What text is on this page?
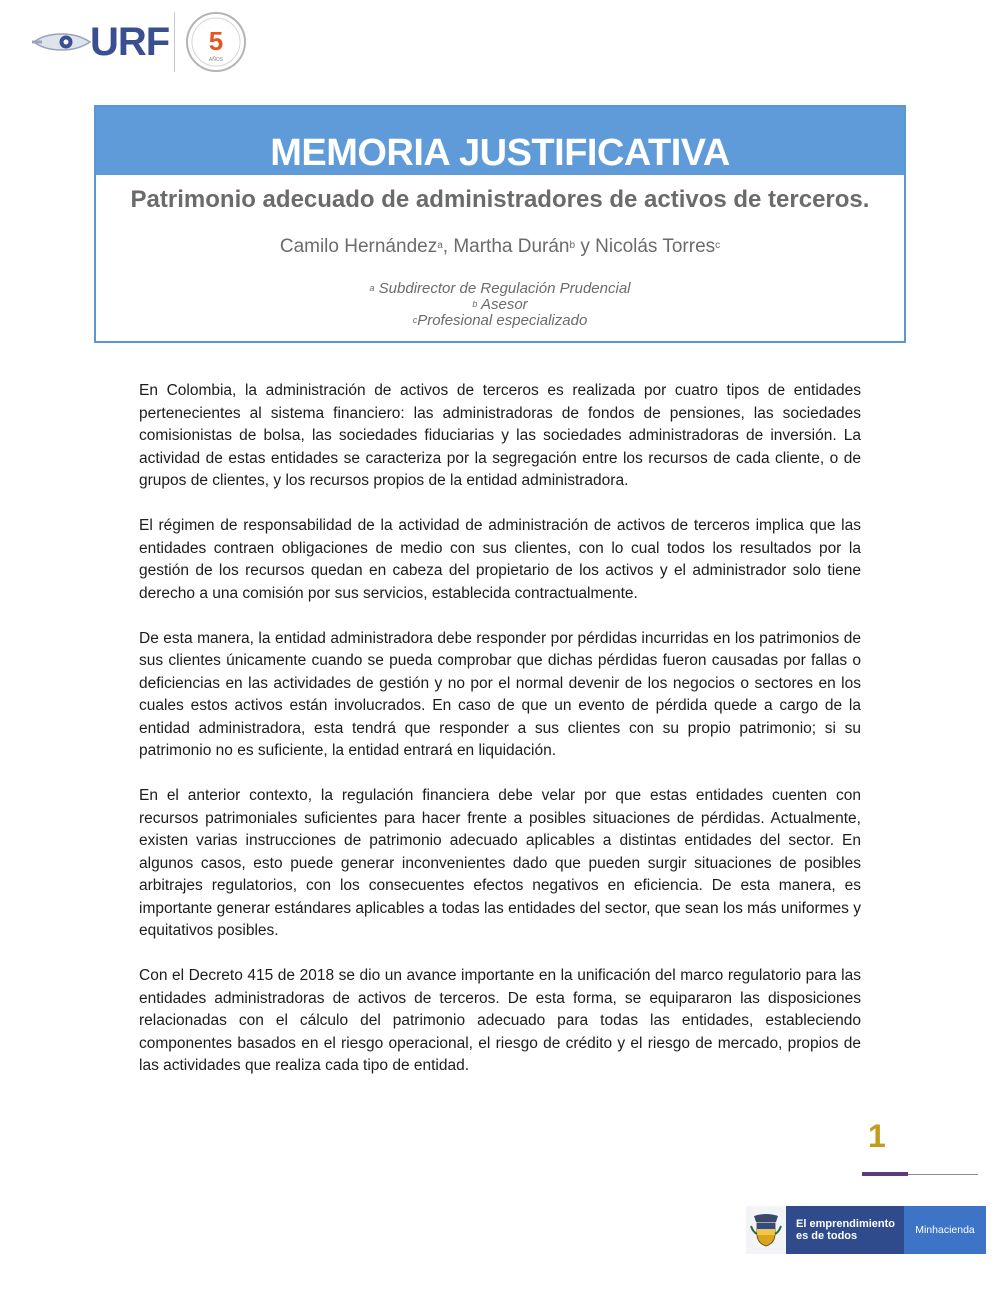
URF 5
AÑOS
MEMORIA JUSTIFICATIVA
Patrimonio adecuado de administradores de activos de terceros.
Camilo Hernández$^a$, Martha Durán$^b$ y Nicolás Torres$^c$
$^a$ Subdirector de Regulación Prudencial
$^b$ Asesor
$^c$Profesional especializado

En Colombia, la administración de activos de terceros es realizada por cuatro tipos de entidades pertenecientes al sistema financiero: las administradoras de fondos de pensiones, las sociedades comisionistas de bolsa, las sociedades fiduciarias y las sociedades administradoras de inversión. La actividad de estas entidades se caracteriza por la segregación entre los recursos de cada cliente, o de grupos de clientes, y los recursos propios de la entidad administradora.

El régimen de responsabilidad de la actividad de administración de activos de terceros implica que las entidades contraen obligaciones de medio con sus clientes, con lo cual todos los resultados por la gestión de los recursos quedan en cabeza del propietario de los activos y el administrador solo tiene derecho a una comisión por sus servicios, establecida contractualmente.

De esta manera, la entidad administradora debe responder por pérdidas incurridas en los patrimonios de sus clientes únicamente cuando se pueda comprobar que dichas pérdidas fueron causadas por fallas o deficiencias en las actividades de gestión y no por el normal devenir de los negocios o sectores en los cuales estos activos están involucrados. En caso de que un evento de pérdida quede a cargo de la entidad administradora, esta tendrá que responder a sus clientes con su propio patrimonio; si su patrimonio no es suficiente, la entidad entrará en liquidación.

En el anterior contexto, la regulación financiera debe velar por que estas entidades cuenten con recursos patrimoniales suficientes para hacer frente a posibles situaciones de pérdidas. Actualmente, existen varias instrucciones de patrimonio adecuado aplicables a distintas entidades del sector. En algunos casos, esto puede generar inconvenientes dado que pueden surgir situaciones de posibles arbitrajes regulatorios, con los consecuentes efectos negativos en eficiencia. De esta manera, es importante generar estándares aplicables a todas las entidades del sector, que sean los más uniformes y equitativos posibles.

Con el Decreto 415 de 2018 se dio un avance importante en la unificación del marco regulatorio para las entidades administradoras de activos de terceros. De esta forma, se equipararon las disposiciones relacionadas con el cálculo del patrimonio adecuado para todas las entidades, estableciendo componentes basados en el riesgo operacional, el riesgo de crédito y el riesgo de mercado, propios de las actividades que realiza cada tipo de entidad.

1
El emprendimiento es de todos	Minhacienda
